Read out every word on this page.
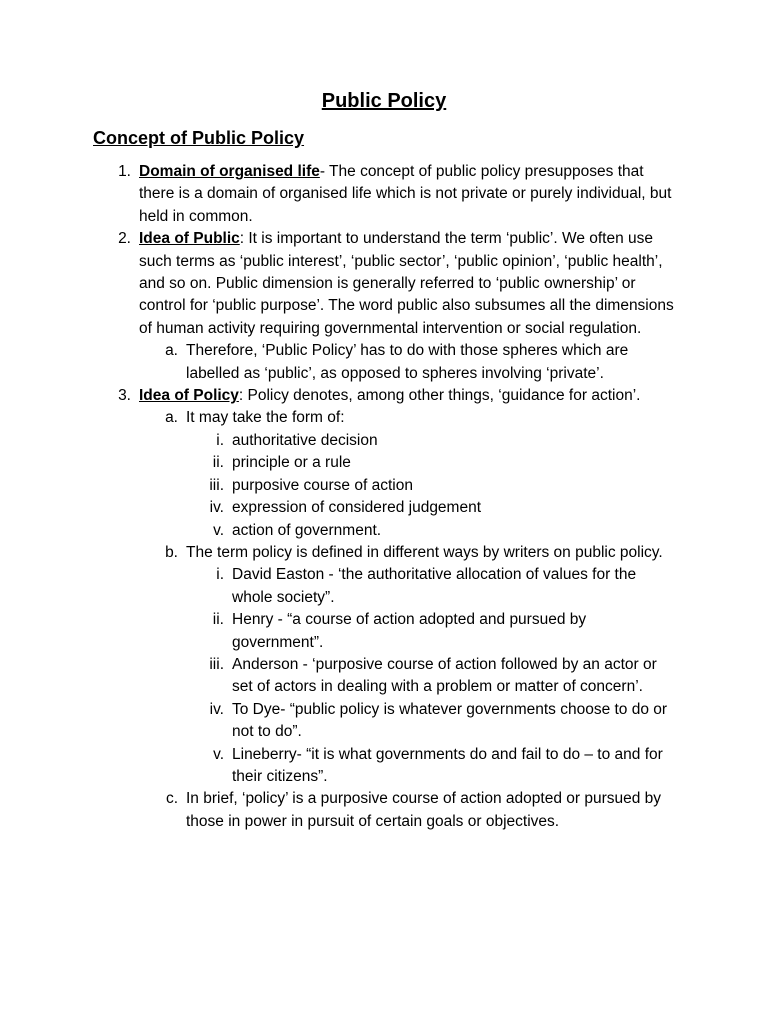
Public Policy
Concept of Public Policy
1. Domain of organised life- The concept of public policy presupposes that there is a domain of organised life which is not private or purely individual, but held in common.
2. Idea of Public: It is important to understand the term ‘public’. We often use such terms as ‘public interest’, ‘public sector’, ‘public opinion’, ‘public health’, and so on. Public dimension is generally referred to ‘public ownership’ or control for ‘public purpose’. The word public also subsumes all the dimensions of human activity requiring governmental intervention or social regulation.
a. Therefore, ‘Public Policy’ has to do with those spheres which are labelled as ‘public’, as opposed to spheres involving ‘private’.
3. Idea of Policy: Policy denotes, among other things, ‘guidance for action’.
a. It may take the form of:
i. authoritative decision
ii. principle or a rule
iii. purposive course of action
iv. expression of considered judgement
v. action of government.
b. The term policy is defined in different ways by writers on public policy.
i. David Easton - ‘the authoritative allocation of values for the whole society”.
ii. Henry - “a course of action adopted and pursued by government”.
iii. Anderson - ‘purposive course of action followed by an actor or set of actors in dealing with a problem or matter of concern’.
iv. To Dye- “public policy is whatever governments choose to do or not to do”.
v. Lineberry- “it is what governments do and fail to do – to and for their citizens”.
c. In brief, ‘policy’ is a purposive course of action adopted or pursued by those in power in pursuit of certain goals or objectives.
